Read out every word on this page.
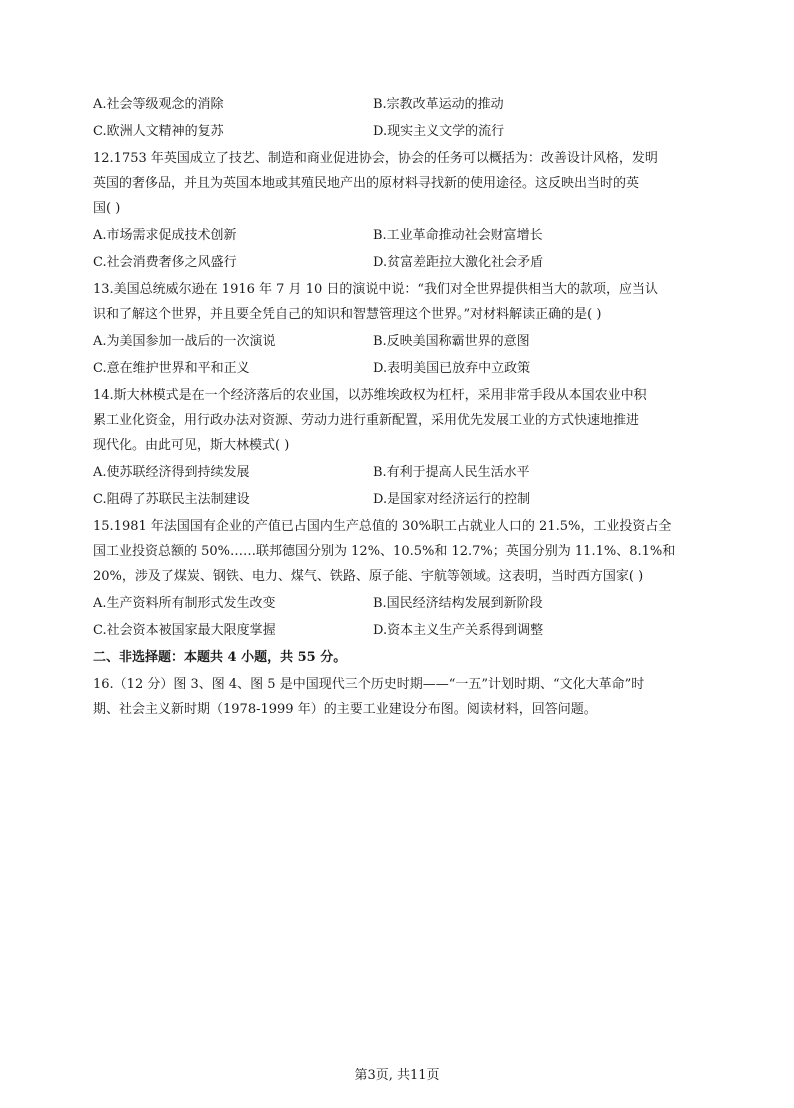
A.社会等级观念的消除	B.宗教改革运动的推动
C.欧洲人文精神的复苏	D.现实主义文学的流行
12.1753 年英国成立了技艺、制造和商业促进协会，协会的任务可以概括为：改善设计风格，发明
英国的奢侈品，并且为英国本地或其殖民地产出的原材料寻找新的使用途径。这反映出当时的英
国( )
A.市场需求促成技术创新	B.工业革命推动社会财富增长
C.社会消费奢侈之风盛行	D.贫富差距拉大激化社会矛盾
13.美国总统威尔逊在 1916 年 7 月 10 日的演说中说：“我们对全世界提供相当大的款项，应当认
识和了解这个世界，并且要全凭自己的知识和智慧管理这个世界。”对材料解读正确的是( )
A.为美国参加一战后的一次演说	B.反映美国称霸世界的意图
C.意在维护世界和平和正义	D.表明美国已放弃中立政策
14.斯大林模式是在一个经济落后的农业国，以苏维埃政权为杠杆，采用非常手段从本国农业中积
累工业化资金，用行政办法对资源、劳动力进行重新配置，采用优先发展工业的方式快速地推进
现代化。由此可见，斯大林模式( )
A.使苏联经济得到持续发展	B.有利于提高人民生活水平
C.阻碍了苏联民主法制建设	D.是国家对经济运行的控制
15.1981 年法国国有企业的产值已占国内生产总值的 30%职工占就业人口的 21.5%，工业投资占全
国工业投资总额的 50%……联邦德国分别为 12%、10.5%和 12.7%；英国分别为 11.1%、8.1%和
20%，涉及了煤炭、钢铁、电力、煤气、铁路、原子能、宇航等领域。这表明，当时西方国家( )
A.生产资料所有制形式发生改变	B.国民经济结构发展到新阶段
C.社会资本被国家最大限度掌握	D.资本主义生产关系得到调整
二、非选择题：本题共 4 小题，共 55 分。
16.（12 分）图 3、图 4、图 5 是中国现代三个历史时期——“一五”计划时期、“文化大革命”时
期、社会主义新时期（1978-1999 年）的主要工业建设分布图。阅读材料，回答问题。
第3页, 共11页
